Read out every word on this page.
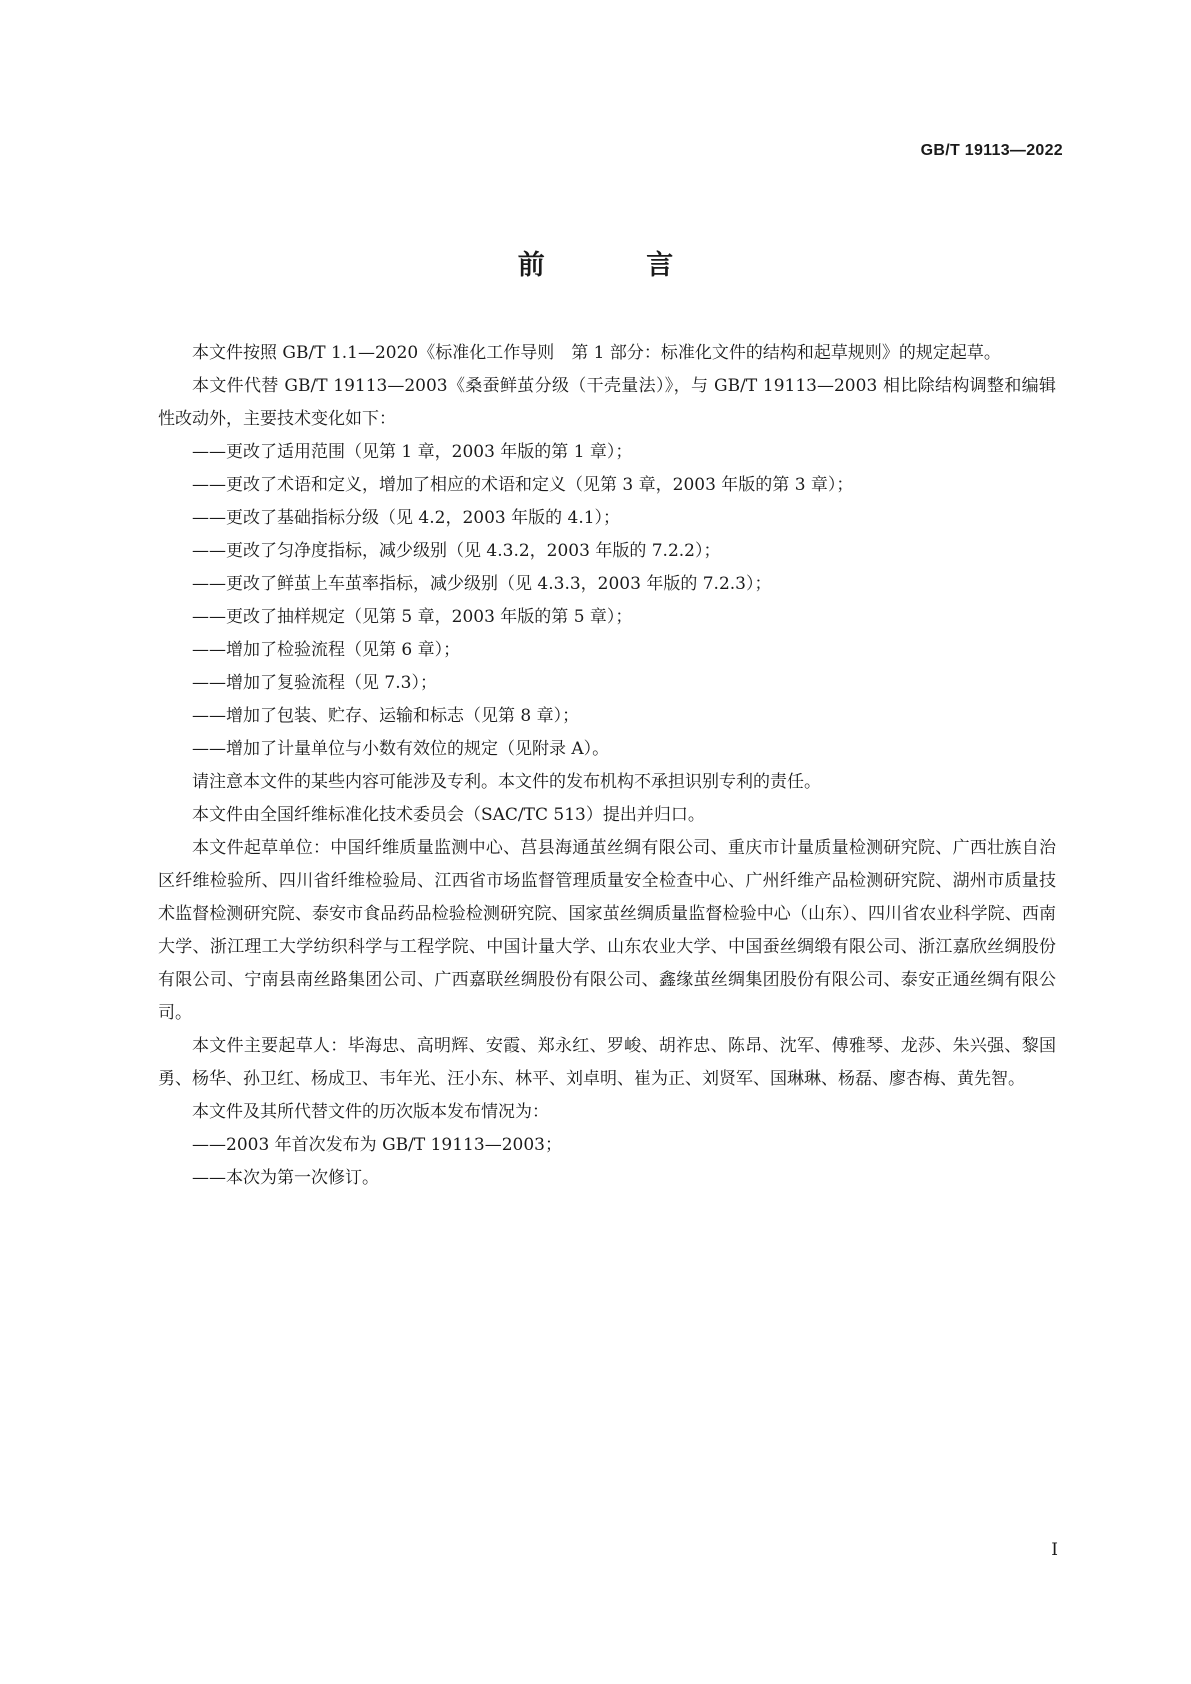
GB/T 19113—2022
前 言

本文件按照 GB/T 1.1—2020《标准化工作导则　第 1 部分：标准化文件的结构和起草规则》的规定起草。

本文件代替 GB/T 19113—2003《桑蚕鲜茧分级（干壳量法）》，与 GB/T 19113—2003 相比除结构调整和编辑性改动外，主要技术变化如下：

——更改了适用范围（见第 1 章，2003 年版的第 1 章）；

——更改了术语和定义，增加了相应的术语和定义（见第 3 章，2003 年版的第 3 章）；

——更改了基础指标分级（见 4.2，2003 年版的 4.1）；

——更改了匀净度指标，减少级别（见 4.3.2，2003 年版的 7.2.2）；

——更改了鲜茧上车茧率指标，减少级别（见 4.3.3，2003 年版的 7.2.3）；

——更改了抽样规定（见第 5 章，2003 年版的第 5 章）；

——增加了检验流程（见第 6 章）；

——增加了复验流程（见 7.3）；

——增加了包装、贮存、运输和标志（见第 8 章）；

——增加了计量单位与小数有效位的规定（见附录 A）。

请注意本文件的某些内容可能涉及专利。本文件的发布机构不承担识别专利的责任。

本文件由全国纤维标准化技术委员会（SAC/TC 513）提出并归口。

本文件起草单位：中国纤维质量监测中心、莒县海通茧丝绸有限公司、重庆市计量质量检测研究院、广西壮族自治区纤维检验所、四川省纤维检验局、江西省市场监督管理质量安全检查中心、广州纤维产品检测研究院、湖州市质量技术监督检测研究院、泰安市食品药品检验检测研究院、国家茧丝绸质量监督检验中心（山东）、四川省农业科学院、西南大学、浙江理工大学纺织科学与工程学院、中国计量大学、山东农业大学、中国蚕丝绸缎有限公司、浙江嘉欣丝绸股份有限公司、宁南县南丝路集团公司、广西嘉联丝绸股份有限公司、鑫缘茧丝绸集团股份有限公司、泰安正通丝绸有限公司。

本文件主要起草人：毕海忠、高明辉、安霞、郑永红、罗峻、胡祚忠、陈昂、沈军、傅雅琴、龙莎、朱兴强、黎国勇、杨华、孙卫红、杨成卫、韦年光、汪小东、林平、刘卓明、崔为正、刘贤军、国琳琳、杨磊、廖杏梅、黄先智。

本文件及其所代替文件的历次版本发布情况为：

——2003 年首次发布为 GB/T 19113—2003；

——本次为第一次修订。

I
